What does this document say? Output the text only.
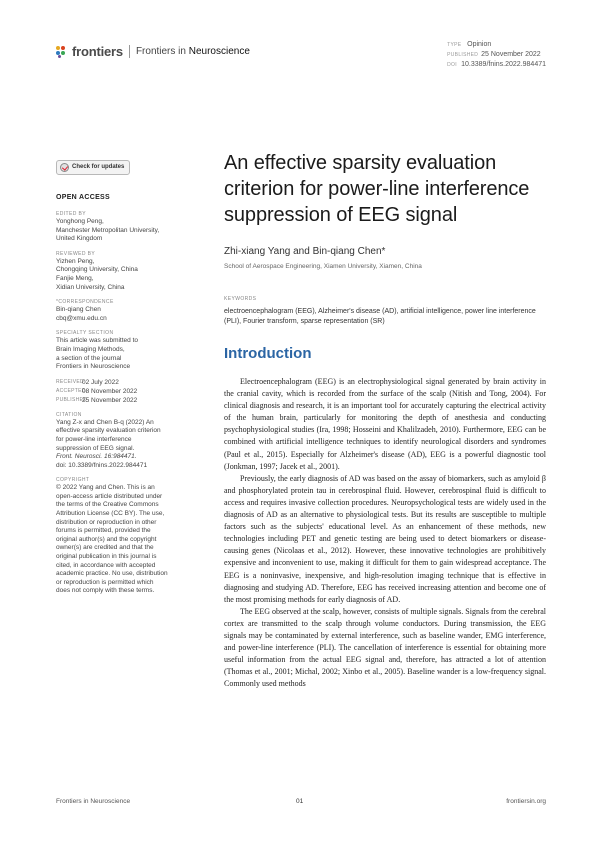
frontiers Frontiers in Neuroscience
TYPE Opinion
PUBLISHED 25 November 2022
DOI 10.3389/fnins.2022.984471
Check for updates
OPEN ACCESS
EDITED BY
Yonghong Peng,
Manchester Metropolitan University,
United Kingdom
REVIEWED BY
Yizhen Peng,
Chongqing University, China
Fanjie Meng,
Xidian University, China
*CORRESPONDENCE
Bin-qiang Chen
cbq@xmu.edu.cn
SPECIALTY SECTION
This article was submitted to
Brain Imaging Methods,
a section of the journal
Frontiers in Neuroscience
RECEIVED
02 July 2022
ACCEPTED
08 November 2022
PUBLISHED
25 November 2022
CITATION
Yang Z-x and Chen B-q (2022) An
effective sparsity evaluation criterion
for power-line interference
suppression of EEG signal.
Front. Neurosci. 16:984471.
doi: 10.3389/fnins.2022.984471
COPYRIGHT
© 2022 Yang and Chen. This is an
open-access article distributed under
the terms of the Creative Commons
Attribution License (CC BY). The use,
distribution or reproduction in other
forums is permitted, provided the
original author(s) and the copyright
owner(s) are credited and that the
original publication in this journal is
cited, in accordance with accepted
academic practice. No use, distribution
or reproduction is permitted which
does not comply with these terms.
An effective sparsity evaluation criterion for power-line interference suppression of EEG signal
Zhi-xiang Yang and Bin-qiang Chen*
School of Aerospace Engineering, Xiamen University, Xiamen, China
KEYWORDS
electroencephalogram (EEG), Alzheimer's disease (AD), artificial intelligence, power line interference (PLI), Fourier transform, sparse representation (SR)
Introduction

Electroencephalogram (EEG) is an electrophysiological signal generated by brain activity in the cranial cavity, which is recorded from the surface of the scalp (Nitish and Tong, 2004). For clinical diagnosis and research, it is an important tool for accurately capturing the electrical activity of the human brain, particularly for monitoring the depth of anesthesia and conducting psychophysiological studies (Ira, 1998; Hosseini and Khalilzadeh, 2010). Furthermore, EEG can be combined with artificial intelligence techniques to identify neurological disorders and syndromes (Paul et al., 2015). Especially for Alzheimer's disease (AD), EEG is a powerful diagnostic tool (Jonkman, 1997; Jacek et al., 2001).

Previously, the early diagnosis of AD was based on the assay of biomarkers, such as amyloid β and phosphorylated protein tau in cerebrospinal fluid. However, cerebrospinal fluid is difficult to access and requires invasive collection procedures. Neuropsychological tests are widely used in the diagnosis of AD as an alternative to physiological tests. But its results are susceptible to multiple factors such as the subjects' educational level. As an enhancement of these methods, new technologies including PET and genetic testing are being used to detect biomarkers or disease-causing genes (Nicolaas et al., 2012). However, these innovative technologies are prohibitively expensive and inconvenient to use, making it difficult for them to gain widespread acceptance. The EEG is a noninvasive, inexpensive, and high-resolution imaging technique that is effective in diagnosing and studying AD. Therefore, EEG has received increasing attention and become one of the most promising methods for early diagnosis of AD.

The EEG observed at the scalp, however, consists of multiple signals. Signals from the cerebral cortex are transmitted to the scalp through volume conductors. During transmission, the EEG signals may be contaminated by external interference, such as baseline wander, EMG interference, and power-line interference (PLI). The cancellation of interference is essential for obtaining more useful information from the actual EEG signal and, therefore, has attracted a lot of attention (Thomas et al., 2001; Michal, 2002; Xinbo et al., 2005). Baseline wander is a low-frequency signal. Commonly used methods

Frontiers in Neuroscience	01	frontiersin.org
